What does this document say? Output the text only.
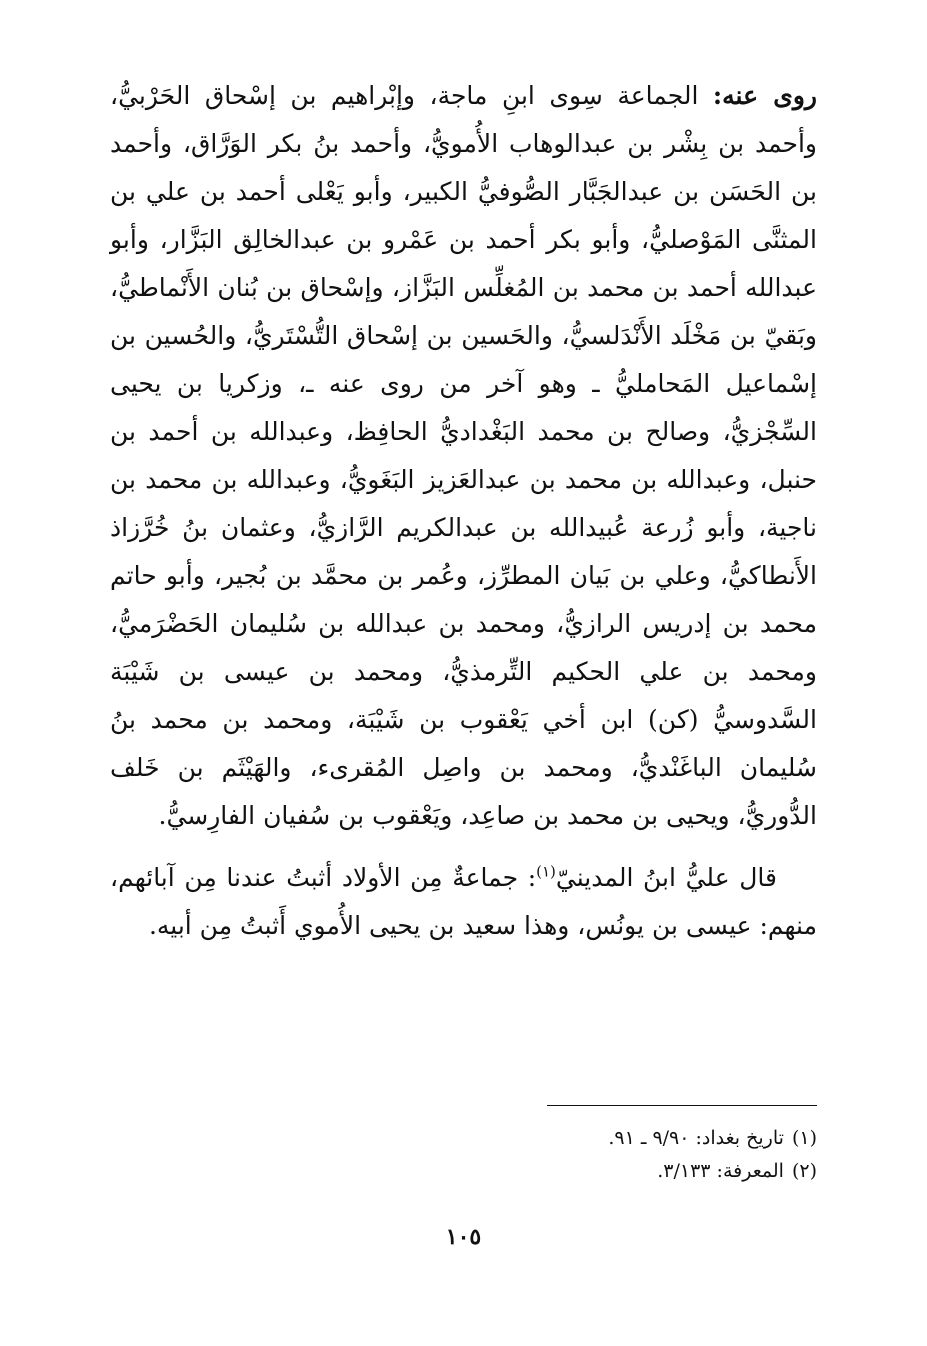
روى عنه: الجماعة سِوى ابنِ ماجة، وإبْراهيم بن إسْحاق الحَرْبيُّ، وأحمد بن بِشْر بن عبدالوهاب الأُمويُّ، وأحمد بنُ بكر الوَرَّاق، وأحمد بن الحَسَن بن عبدالجَبَّار الصُّوفيُّ الكبير، وأبو يَعْلى أحمد بن علي بن المثنَّى المَوْصليُّ، وأبو بكر أحمد بن عَمْرو بن عبدالخالِق البَزَّار، وأبو عبدالله أحمد بن محمد بن المُغلِّس البَزَّاز، وإسْحاق بن بُنان الأَنْماطيُّ، وبَقيّ بن مَخْلَد الأَنْدَلسيُّ، والحَسين بن إسْحاق التُّسْتَريُّ، والحُسين بن إسْماعيل المَحامليُّ ـ وهو آخر من روى عنه ـ، وزكريا بن يحيى السِّجْزيُّ، وصالح بن محمد البَغْداديُّ الحافِظ، وعبدالله بن أحمد بن حنبل، وعبدالله بن محمد بن عبدالعَزيز البَغَويُّ، وعبدالله بن محمد بن ناجية، وأبو زُرعة عُبيدالله بن عبدالكريم الرَّازيُّ، وعثمان بنُ خُرَّزاذ الأَنطاكيُّ، وعلي بن بَيان المطرِّز، وعُمر بن محمَّد بن بُجير، وأبو حاتم محمد بن إدريس الرازيُّ، ومحمد بن عبدالله بن سُليمان الحَضْرَميُّ، ومحمد بن علي الحكيم التِّرمذيُّ، ومحمد بن عيسى بن شَيْبَة السَّدوسيُّ (كن) ابن أخي يَعْقوب بن شَيْبَة، ومحمد بن محمد بنُ سُليمان الباغَنْديُّ، ومحمد بن واصِل المُقرىء، والهَيْثَم بن خَلف الدُّوريُّ، ويحيى بن محمد بن صاعِد، ويَعْقوب بن سُفيان الفارِسيُّ.

قال عليُّ ابنُ المدينيّ$^{(١)}$: جماعةٌ مِن الأولاد أثبتُ عندنا مِن آبائهم، منهم: عيسى بن يونُس، وهذا سعيد بن يحيى الأُموي أَثبتُ مِن أبيه.

(١)تاريخ بغداد: ٩/٩٠ ـ ٩١.

(٢)المعرفة: ٣/١٣٣.

١٠٥
